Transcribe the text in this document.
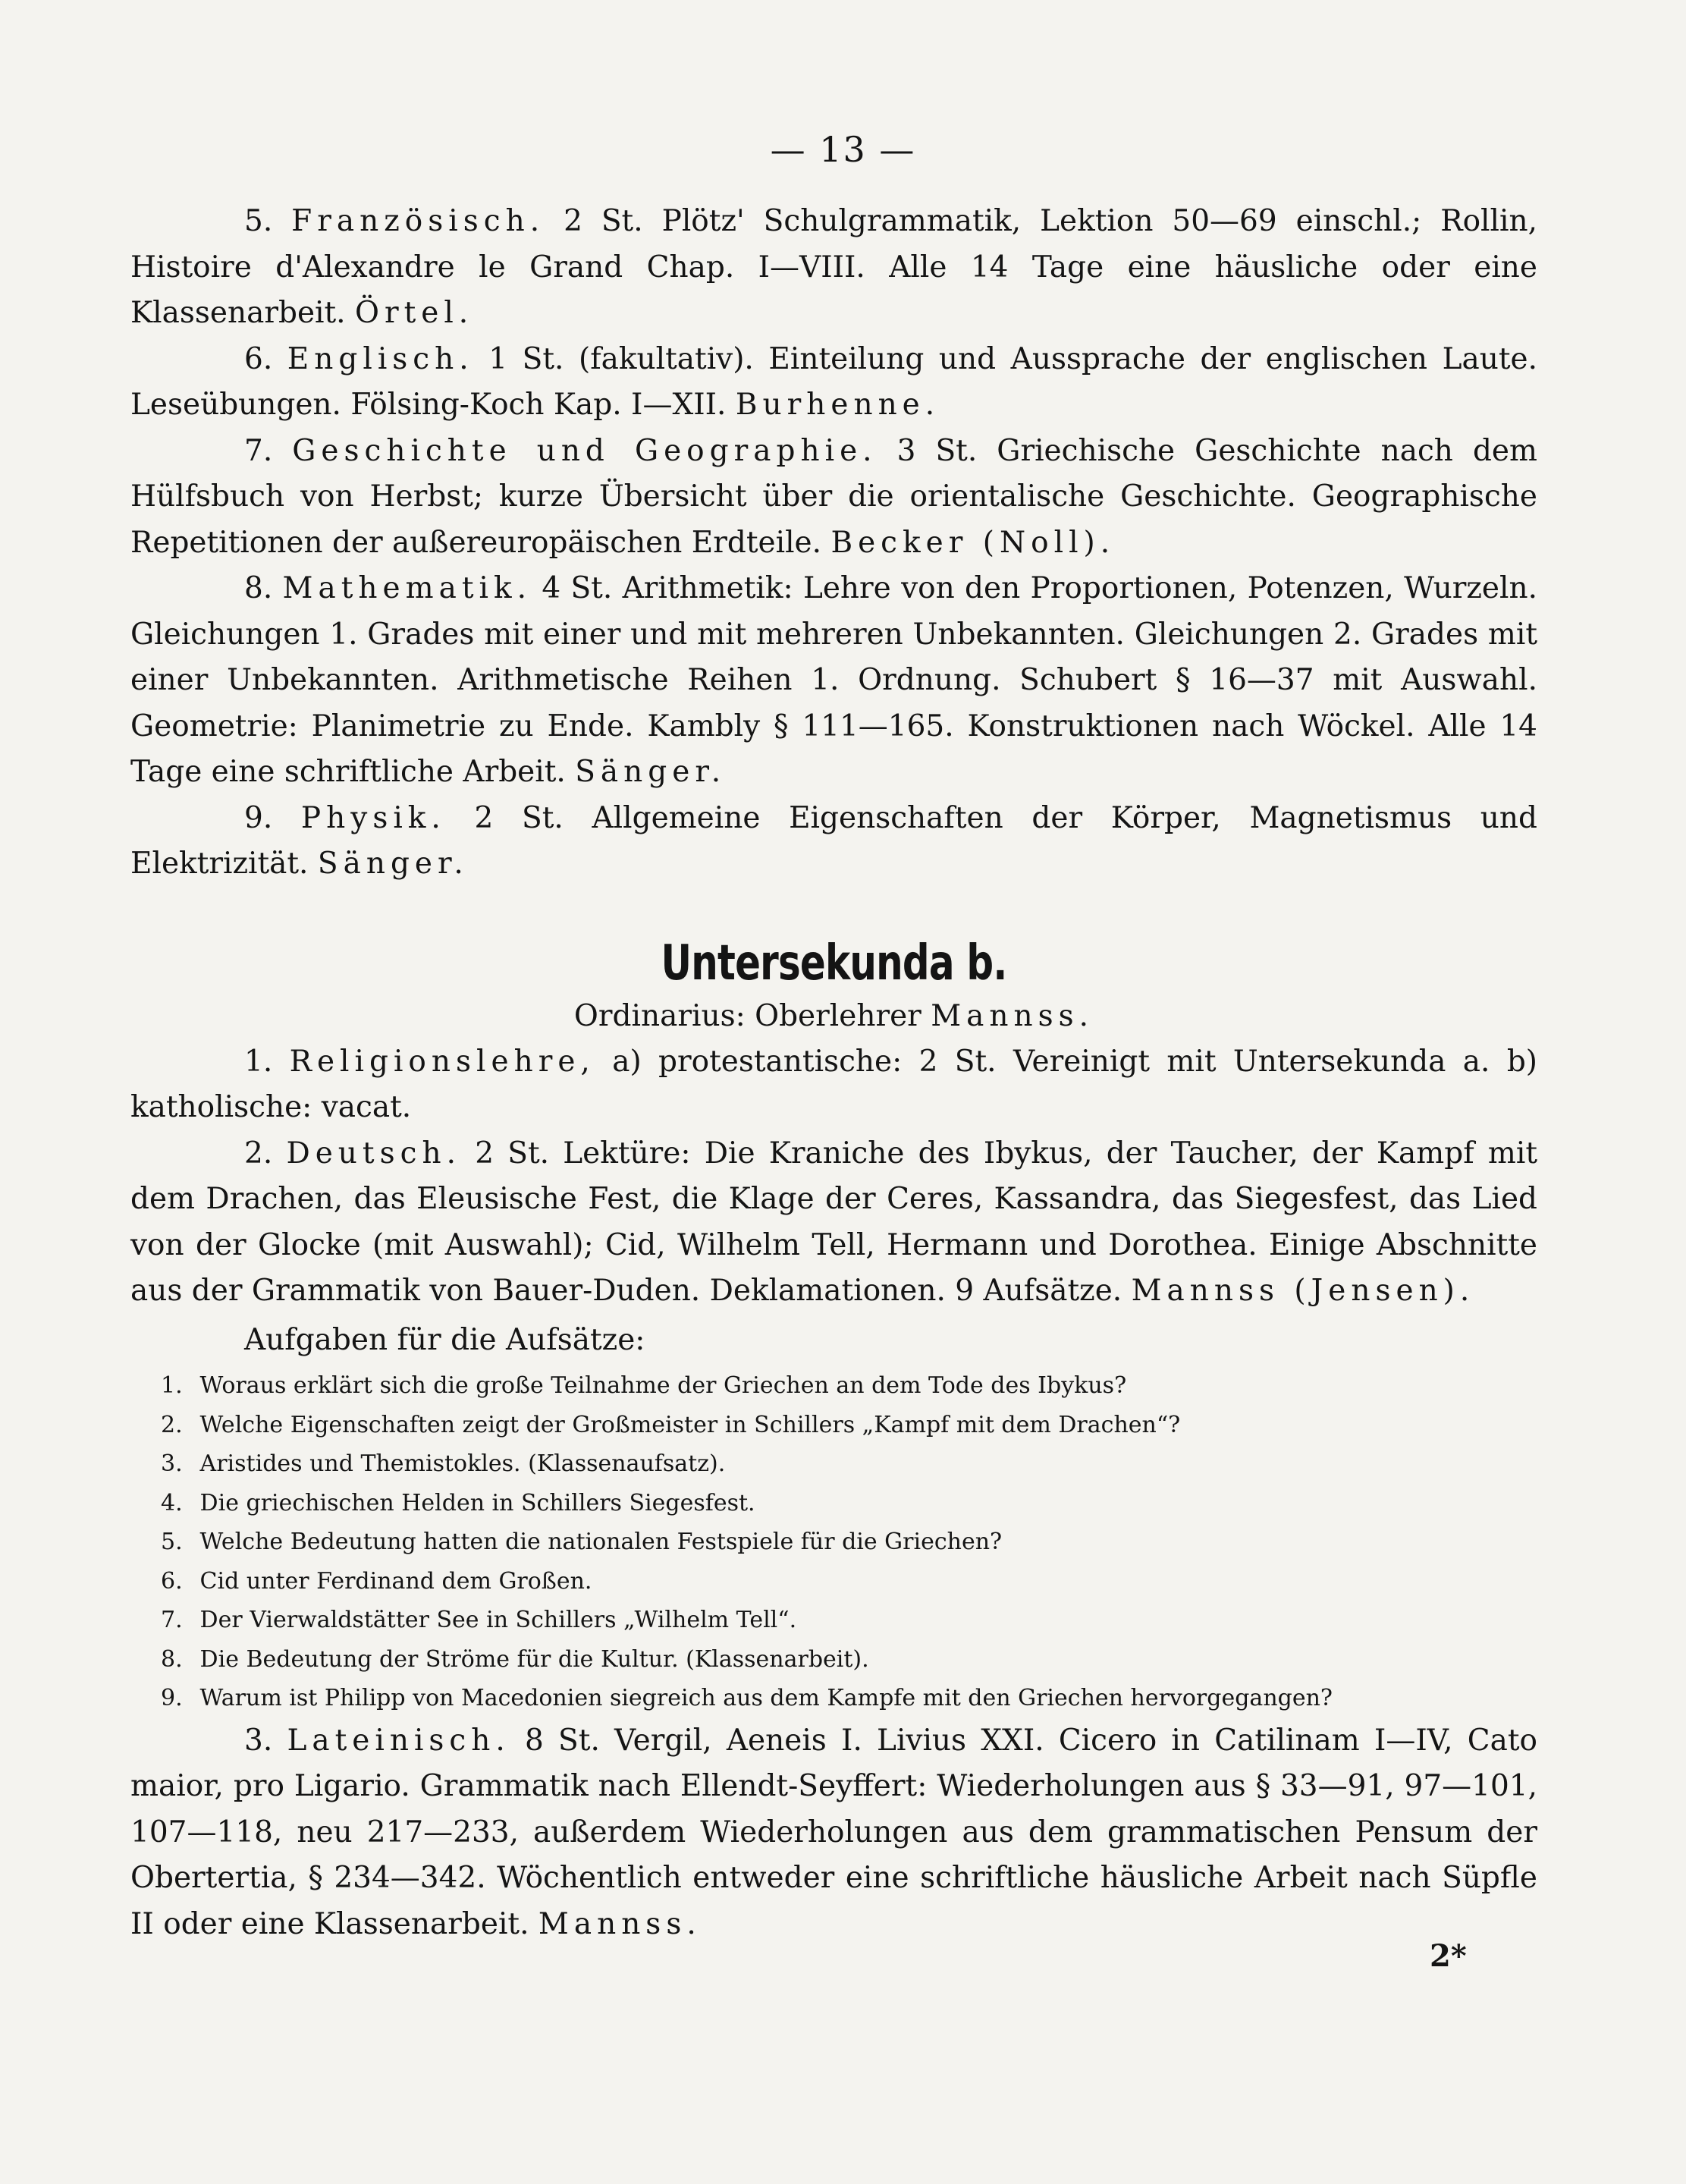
— 13 —

5. Französisch. 2 St. Plötz' Schulgrammatik, Lektion 50—69 einschl.; Rollin, Histoire d'Alexandre le Grand Chap. I—VIII. Alle 14 Tage eine häusliche oder eine Klassenarbeit. Örtel.

6. Englisch. 1 St. (fakultativ). Einteilung und Aussprache der englischen Laute. Leseübungen. Fölsing-Koch Kap. I—XII. Burhenne.

7. Geschichte und Geographie. 3 St. Griechische Geschichte nach dem Hülfsbuch von Herbst; kurze Übersicht über die orientalische Geschichte. Geographische Repetitionen der außereuropäischen Erdteile. Becker (Noll).

8. Mathematik. 4 St. Arithmetik: Lehre von den Proportionen, Potenzen, Wurzeln. Gleichungen 1. Grades mit einer und mit mehreren Unbekannten. Gleichungen 2. Grades mit einer Unbekannten. Arithmetische Reihen 1. Ordnung. Schubert § 16—37 mit Auswahl. Geometrie: Planimetrie zu Ende. Kambly § 111—165. Konstruktionen nach Wöckel. Alle 14 Tage eine schriftliche Arbeit. Sänger.

9. Physik. 2 St. Allgemeine Eigenschaften der Körper, Magnetismus und Elektrizität. Sänger.

Untersekunda b.
Ordinarius: Oberlehrer Mannss.

1. Religionslehre, a) protestantische: 2 St. Vereinigt mit Untersekunda a. b) katholische: vacat.

2. Deutsch. 2 St. Lektüre: Die Kraniche des Ibykus, der Taucher, der Kampf mit dem Drachen, das Eleusische Fest, die Klage der Ceres, Kassandra, das Siegesfest, das Lied von der Glocke (mit Auswahl); Cid, Wilhelm Tell, Hermann und Dorothea. Einige Abschnitte aus der Grammatik von Bauer-Duden. Deklamationen. 9 Aufsätze. Mannss (Jensen).

Aufgaben für die Aufsätze:

1. Woraus erklärt sich die große Teilnahme der Griechen an dem Tode des Ibykus?
2. Welche Eigenschaften zeigt der Großmeister in Schillers „Kampf mit dem Drachen“?
3. Aristides und Themistokles. (Klassenaufsatz).
4. Die griechischen Helden in Schillers Siegesfest.
5. Welche Bedeutung hatten die nationalen Festspiele für die Griechen?
6. Cid unter Ferdinand dem Großen.
7. Der Vierwaldstätter See in Schillers „Wilhelm Tell“.
8. Die Bedeutung der Ströme für die Kultur. (Klassenarbeit).
9. Warum ist Philipp von Macedonien siegreich aus dem Kampfe mit den Griechen hervorgegangen?

3. Lateinisch. 8 St. Vergil, Aeneis I. Livius XXI. Cicero in Catilinam I—IV, Cato maior, pro Ligario. Grammatik nach Ellendt-Seyffert: Wiederholungen aus § 33—91, 97—101, 107—118, neu 217—233, außerdem Wiederholungen aus dem grammatischen Pensum der Obertertia, § 234—342. Wöchentlich entweder eine schriftliche häusliche Arbeit nach Süpfle II oder eine Klassenarbeit. Mannss.

2*
